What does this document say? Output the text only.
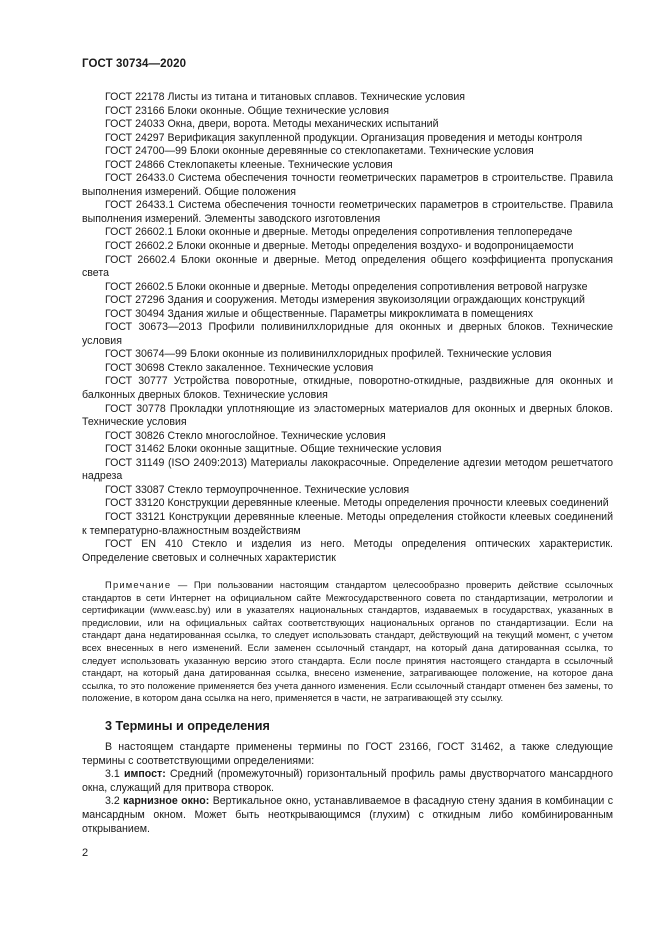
ГОСТ 30734—2020

ГОСТ 22178 Листы из титана и титановых сплавов. Технические условия

ГОСТ 23166 Блоки оконные. Общие технические условия

ГОСТ 24033 Окна, двери, ворота. Методы механических испытаний

ГОСТ 24297 Верификация закупленной продукции. Организация проведения и методы контроля

ГОСТ 24700—99 Блоки оконные деревянные со стеклопакетами. Технические условия

ГОСТ 24866 Стеклопакеты клееные. Технические условия

ГОСТ 26433.0 Система обеспечения точности геометрических параметров в строительстве. Правила выполнения измерений. Общие положения

ГОСТ 26433.1 Система обеспечения точности геометрических параметров в строительстве. Правила выполнения измерений. Элементы заводского изготовления

ГОСТ 26602.1 Блоки оконные и дверные. Методы определения сопротивления теплопередаче

ГОСТ 26602.2 Блоки оконные и дверные. Методы определения воздухо- и водопроницаемости

ГОСТ 26602.4 Блоки оконные и дверные. Метод определения общего коэффициента пропускания света

ГОСТ 26602.5 Блоки оконные и дверные. Методы определения сопротивления ветровой нагрузке

ГОСТ 27296 Здания и сооружения. Методы измерения звукоизоляции ограждающих конструкций

ГОСТ 30494 Здания жилые и общественные. Параметры микроклимата в помещениях

ГОСТ 30673—2013 Профили поливинилхлоридные для оконных и дверных блоков. Технические условия

ГОСТ 30674—99 Блоки оконные из поливинилхлоридных профилей. Технические условия

ГОСТ 30698 Стекло закаленное. Технические условия

ГОСТ 30777 Устройства поворотные, откидные, поворотно-откидные, раздвижные для оконных и балконных дверных блоков. Технические условия

ГОСТ 30778 Прокладки уплотняющие из эластомерных материалов для оконных и дверных блоков. Технические условия

ГОСТ 30826 Стекло многослойное. Технические условия

ГОСТ 31462 Блоки оконные защитные. Общие технические условия

ГОСТ 31149 (ISO 2409:2013) Материалы лакокрасочные. Определение адгезии методом решетчатого надреза

ГОСТ 33087 Стекло термоупрочненное. Технические условия

ГОСТ 33120 Конструкции деревянные клееные. Методы определения прочности клеевых соединений

ГОСТ 33121 Конструкции деревянные клееные. Методы определения стойкости клеевых соединений к температурно-влажностным воздействиям

ГОСТ EN 410 Стекло и изделия из него. Методы определения оптических характеристик. Определение световых и солнечных характеристик

Примечание — При пользовании настоящим стандартом целесообразно проверить действие ссылочных стандартов в сети Интернет на официальном сайте Межгосударственного совета по стандартизации, метрологии и сертификации (www.easc.by) или в указателях национальных стандартов, издаваемых в государствах, указанных в предисловии, или на официальных сайтах соответствующих национальных органов по стандартизации. Если на стандарт дана недатированная ссылка, то следует использовать стандарт, действующий на текущий момент, с учетом всех внесенных в него изменений. Если заменен ссылочный стандарт, на который дана датированная ссылка, то следует использовать указанную версию этого стандарта. Если после принятия настоящего стандарта в ссылочный стандарт, на который дана датированная ссылка, внесено изменение, затрагивающее положение, на которое дана ссылка, то это положение применяется без учета данного изменения. Если ссылочный стандарт отменен без замены, то положение, в котором дана ссылка на него, применяется в части, не затрагивающей эту ссылку.

3 Термины и определения

В настоящем стандарте применены термины по ГОСТ 23166, ГОСТ 31462, а также следующие термины с соответствующими определениями:

3.1 импост: Средний (промежуточный) горизонтальный профиль рамы двустворчатого мансардного окна, служащий для притвора створок.

3.2 карнизное окно: Вертикальное окно, устанавливаемое в фасадную стену здания в комбинации с мансардным окном. Может быть неоткрывающимся (глухим) с откидным либо комбинированным открыванием.

2
